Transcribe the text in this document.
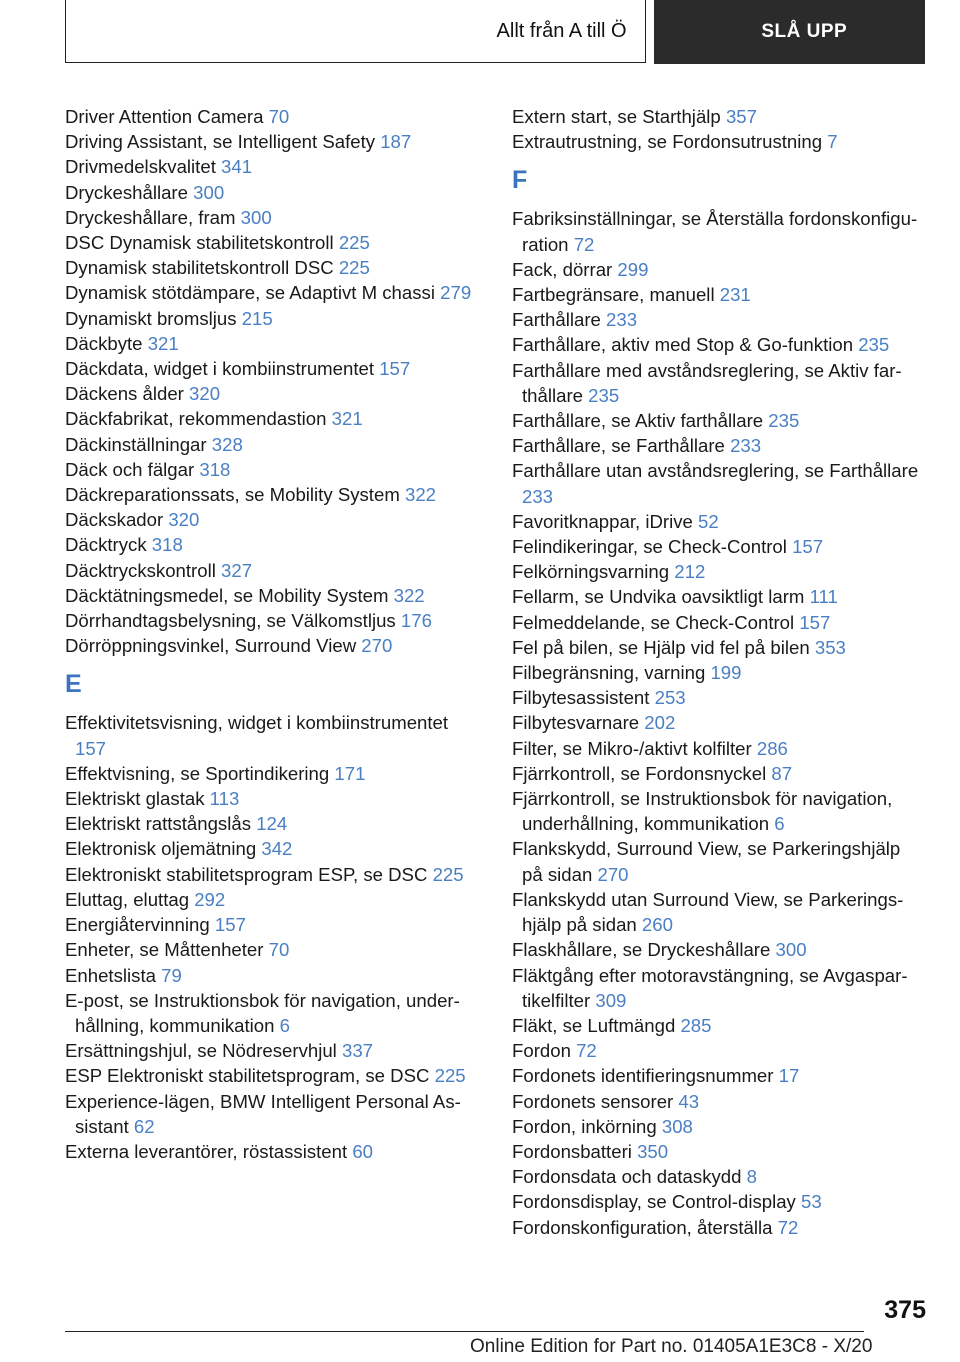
Allt från A till Ö	SLÅ UPP
Driver Attention Camera 70
Driving Assistant, se Intelligent Safety 187
Drivmedelskvalitet 341
Dryckeshållare 300
Dryckeshållare, fram 300
DSC Dynamisk stabilitetskontroll 225
Dynamisk stabilitetskontroll DSC 225
Dynamisk stötdämpare, se Adaptivt M chassi 279
Dynamiskt bromsljus 215
Däckbyte 321
Däckdata, widget i kombiinstrumentet 157
Däckens ålder 320
Däckfabrikat, rekommendastion 321
Däckinställningar 328
Däck och fälgar 318
Däckreparationssats, se Mobility System 322
Däckskador 320
Däcktryck 318
Däcktryckskontroll 327
Däcktätningsmedel, se Mobility System 322
Dörrhandtagsbelysning, se Välkomstljus 176
Dörröppningsvinkel, Surround View 270
E
Effektivitetsvisning, widget i kombiinstrumentet 157
Effektvisning, se Sportindikering 171
Elektriskt glastak 113
Elektriskt rattstångslås 124
Elektronisk oljemätning 342
Elektroniskt stabilitetsprogram ESP, se DSC 225
Eluttag, eluttag 292
Energiåtervinning 157
Enheter, se Måttenheter 70
Enhetslista 79
E-post, se Instruktionsbok för navigation, underhållning, kommunikation 6
Ersättningshjul, se Nödreservhjul 337
ESP Elektroniskt stabilitetsprogram, se DSC 225
Experience-lägen, BMW Intelligent Personal Assistant 62
Externa leverantörer, röstassistent 60
Extern start, se Starthjälp 357
Extrautrustning, se Fordonsutrustning 7
F
Fabriksinställningar, se Återställa fordonskonfiguration 72
Fack, dörrar 299
Fartbegränsare, manuell 231
Farthållare 233
Farthållare, aktiv med Stop & Go-funktion 235
Farthållare med avståndsreglering, se Aktiv farthållare 235
Farthållare, se Aktiv farthållare 235
Farthållare, se Farthållare 233
Farthållare utan avståndsreglering, se Farthållare 233
Favoritknappar, iDrive 52
Felindikeringar, se Check-Control 157
Felkörningsvarning 212
Fellarm, se Undvika oavsiktligt larm 111
Felmeddelande, se Check-Control 157
Fel på bilen, se Hjälp vid fel på bilen 353
Filbegränsning, varning 199
Filbytesassistent 253
Filbytesvarnare 202
Filter, se Mikro-/aktivt kolfilter 286
Fjärrkontroll, se Fordonsnyckel 87
Fjärrkontroll, se Instruktionsbok för navigation, underhållning, kommunikation 6
Flankskydd, Surround View, se Parkeringshjälp på sidan 270
Flankskydd utan Surround View, se Parkeringshjälp på sidan 260
Flaskhållare, se Dryckeshållare 300
Fläktgång efter motoravstängning, se Avgaspartikelfilter 309
Fläkt, se Luftmängd 285
Fordon 72
Fordonets identifieringsnummer 17
Fordonets sensorer 43
Fordon, inkörning 308
Fordonsbatteri 350
Fordonsdata och dataskydd 8
Fordonsdisplay, se Control-display 53
Fordonskonfiguration, återställa 72
375
Online Edition for Part no. 01405A1E3C8 - X/20
